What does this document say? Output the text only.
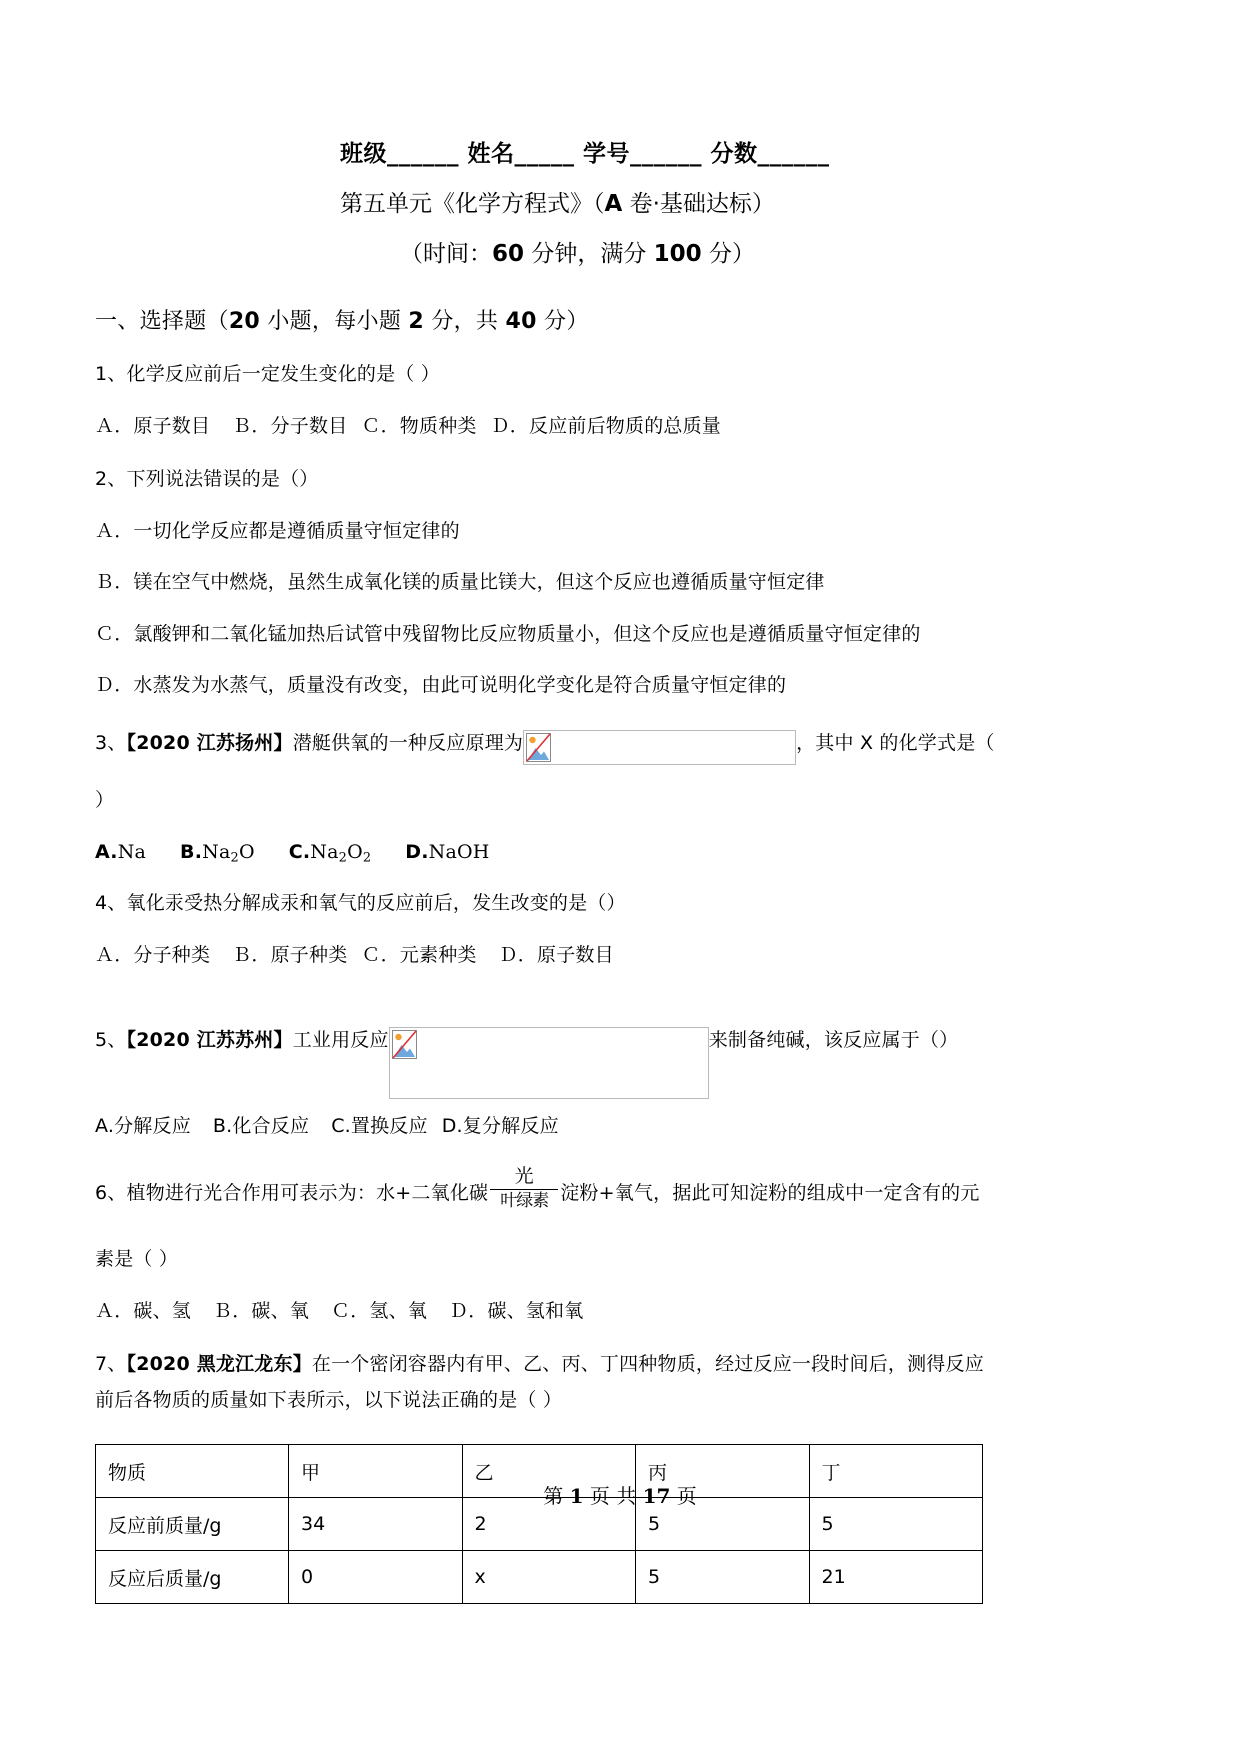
班级______ 姓名_____ 学号______ 分数______
第五单元《化学方程式》（A 卷·基础达标）
（时间：60 分钟，满分 100 分）
一、选择题（20 小题，每小题 2 分，共 40 分）
1、化学反应前后一定发生变化的是（ ）
Ａ．原子数目 Ｂ．分子数目 Ｃ．物质种类 Ｄ．反应前后物质的总质量
2、下列说法错误的是（）
Ａ．一切化学反应都是遵循质量守恒定律的
Ｂ．镁在空气中燃烧，虽然生成氧化镁的质量比镁大，但这个反应也遵循质量守恒定律
Ｃ．氯酸钾和二氧化锰加热后试管中残留物比反应物质量小，但这个反应也是遵循质量守恒定律的
Ｄ．水蒸发为水蒸气，质量没有改变，由此可说明化学变化是符合质量守恒定律的
3、【2020 江苏扬州】潜艇供氧的一种反应原理为	，其中 X 的化学式是（
）
A.Na $B.Na_2O$ $C.Na_2O_2$ D.NaOH
4、氧化汞受热分解成汞和氧气的反应前后，发生改变的是（）
Ａ．分子种类 Ｂ．原子种类 Ｃ．元素种类 Ｄ．原子数目
5、【2020 江苏苏州】工业用反应	来制备纯碱，该反应属于（）
A.分解反应 B.化合反应 C.置换反应 D.复分解反应
6、植物进行光合作用可表示为：水+二氧化碳
光
叶绿素 淀粉+氧气，据此可知淀粉的组成中一定含有的元
素是（ ）
Ａ．碳、氢 Ｂ．碳、氧 Ｃ．氢、氧 Ｄ．碳、氢和氧
7、【2020 黑龙江龙东】在一个密闭容器内有甲、乙、丙、丁四种物质，经过反应一段时间后，测得反应
前后各物质的质量如下表所示，以下说法正确的是（ ）
物质	甲	乙	丙	丁
反应前质量/g	34	2	5	5
反应后质量/g	0	x	5	21
第 1 页 共 17 页
